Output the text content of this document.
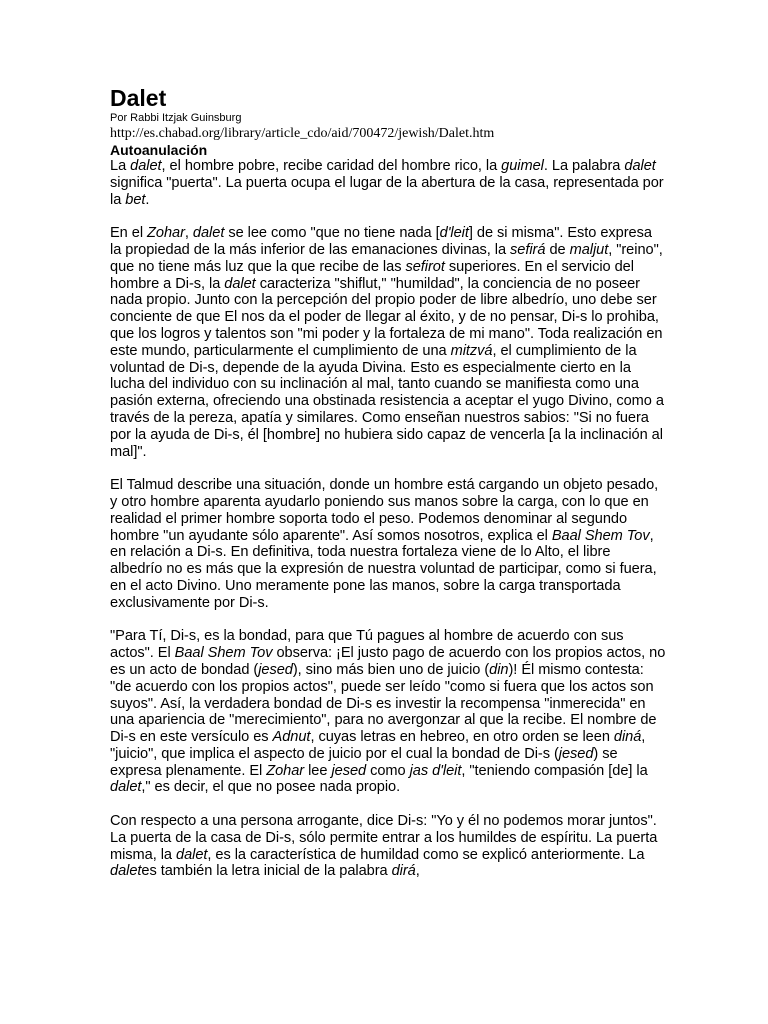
Dalet
Por Rabbi Itzjak Guinsburg
http://es.chabad.org/library/article_cdo/aid/700472/jewish/Dalet.htm
Autoanulación

La dalet, el hombre pobre, recibe caridad del hombre rico, la guimel. La palabra dalet significa "puerta". La puerta ocupa el lugar de la abertura de la casa, representada por la bet.

En el Zohar, dalet se lee como "que no tiene nada [d'leit] de si misma". Esto expresa la propiedad de la más inferior de las emanaciones divinas, la sefirá de maljut, "reino", que no tiene más luz que la que recibe de las sefirot superiores. En el servicio del hombre a Di-s, la dalet caracteriza "shiflut," "humildad", la conciencia de no poseer nada propio. Junto con la percepción del propio poder de libre albedrío, uno debe ser conciente de que El nos da el poder de llegar al éxito, y de no pensar, Di-s lo prohiba, que los logros y talentos son "mi poder y la fortaleza de mi mano". Toda realización en este mundo, particularmente el cumplimiento de una mitzvá, el cumplimiento de la voluntad de Di-s, depende de la ayuda Divina. Esto es especialmente cierto en la lucha del individuo con su inclinación al mal, tanto cuando se manifiesta como una pasión externa, ofreciendo una obstinada resistencia a aceptar el yugo Divino, como a través de la pereza, apatía y similares. Como enseñan nuestros sabios: "Si no fuera por la ayuda de Di-s, él [hombre] no hubiera sido capaz de vencerla [a la inclinación al mal]".

El Talmud describe una situación, donde un hombre está cargando un objeto pesado, y otro hombre aparenta ayudarlo poniendo sus manos sobre la carga, con lo que en realidad el primer hombre soporta todo el peso. Podemos denominar al segundo hombre "un ayudante sólo aparente". Así somos nosotros, explica el Baal Shem Tov, en relación a Di-s. En definitiva, toda nuestra fortaleza viene de lo Alto, el libre albedrío no es más que la expresión de nuestra voluntad de participar, como si fuera, en el acto Divino. Uno meramente pone las manos, sobre la carga transportada exclusivamente por Di-s.

"Para Tí, Di-s, es la bondad, para que Tú pagues al hombre de acuerdo con sus actos". El Baal Shem Tov observa: ¡El justo pago de acuerdo con los propios actos, no es un acto de bondad (jesed), sino más bien uno de juicio (din)! Él mismo contesta: "de acuerdo con los propios actos", puede ser leído "como si fuera que los actos son suyos". Así, la verdadera bondad de Di-s es investir la recompensa "inmerecida" en una apariencia de "merecimiento", para no avergonzar al que la recibe. El nombre de Di-s en este versículo es Adnut, cuyas letras en hebreo, en otro orden se leen diná, "juicio", que implica el aspecto de juicio por el cual la bondad de Di-s (jesed) se expresa plenamente. El Zohar lee jesed como jas d'leit, "teniendo compasión [de] la dalet," es decir, el que no posee nada propio.

Con respecto a una persona arrogante, dice Di-s: "Yo y él no podemos morar juntos". La puerta de la casa de Di-s, sólo permite entrar a los humildes de espíritu. La puerta misma, la dalet, es la característica de humildad como se explicó anteriormente. La daletes también la letra inicial de la palabra dirá,
